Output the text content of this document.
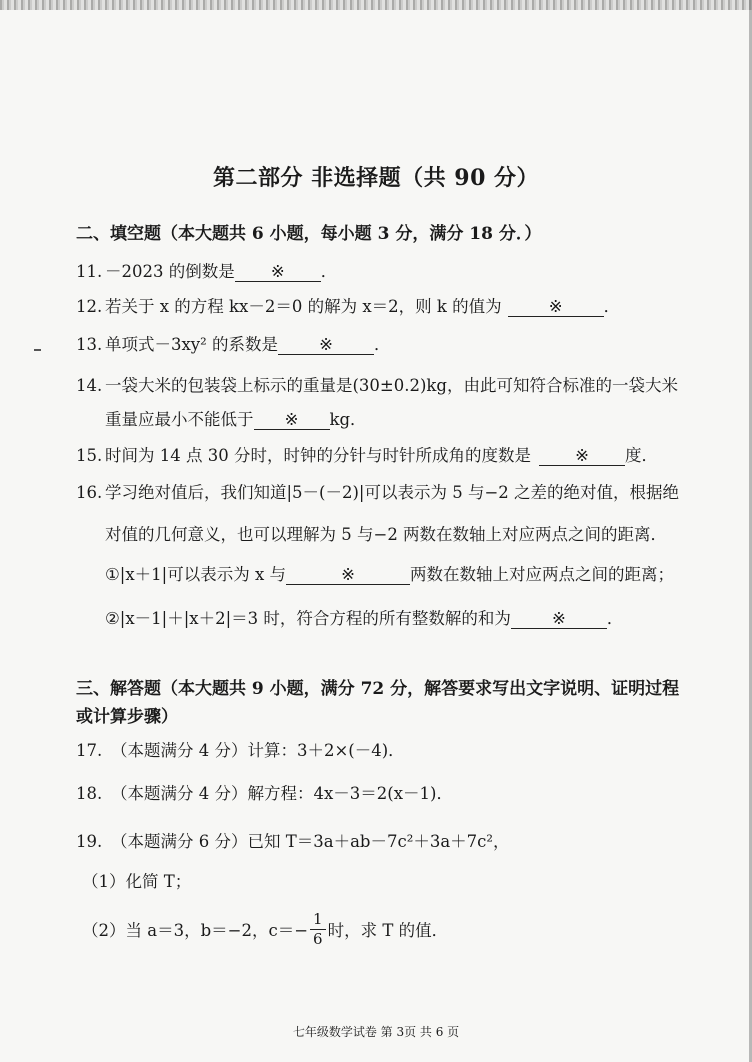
第二部分 非选择题（共 90 分）
二、填空题（本大题共 6 小题，每小题 3 分，满分 18 分．）
11. －2023 的倒数是 ※ ．
12. 若关于 x 的方程 kx－2＝0 的解为 x＝2，则 k 的值为	※ ．
13. 单项式－3xy² 的系数是 ※ ．
14. 一袋大米的包装袋上标示的重量是(30±0.2)kg，由此可知符合标准的一袋大米
重量应最小不能低于 ※ kg．
15. 时间为 14 点 30 分时，时钟的分针与时针所成角的度数是	※ 度．
16. 学习绝对值后，我们知道|5－(－2)|可以表示为 5 与−2 之差的绝对值，根据绝
对值的几何意义，也可以理解为 5 与−2 两数在数轴上对应两点之间的距离．
①|x＋1|可以表示为 x 与	※	两数在数轴上对应两点之间的距离；
②|x－1|＋|x＋2|＝3 时，符合方程的所有整数解的和为 ※ ．
三、解答题（本大题共 9 小题，满分 72 分，解答要求写出文字说明、证明过程
或计算步骤）
17. （本题满分 4 分）计算：3＋2×(－4)．
18. （本题满分 4 分）解方程：4x－3＝2(x－1)．
19. （本题满分 6 分）已知 T＝3a＋ab－7c²＋3a＋7c²，
（1）化简 T；
（2）当 a＝3，b＝−2，$c=- \frac{1}{6}$ 时，求 T 的值．
七年级数学试卷 第 3页 共 6 页
